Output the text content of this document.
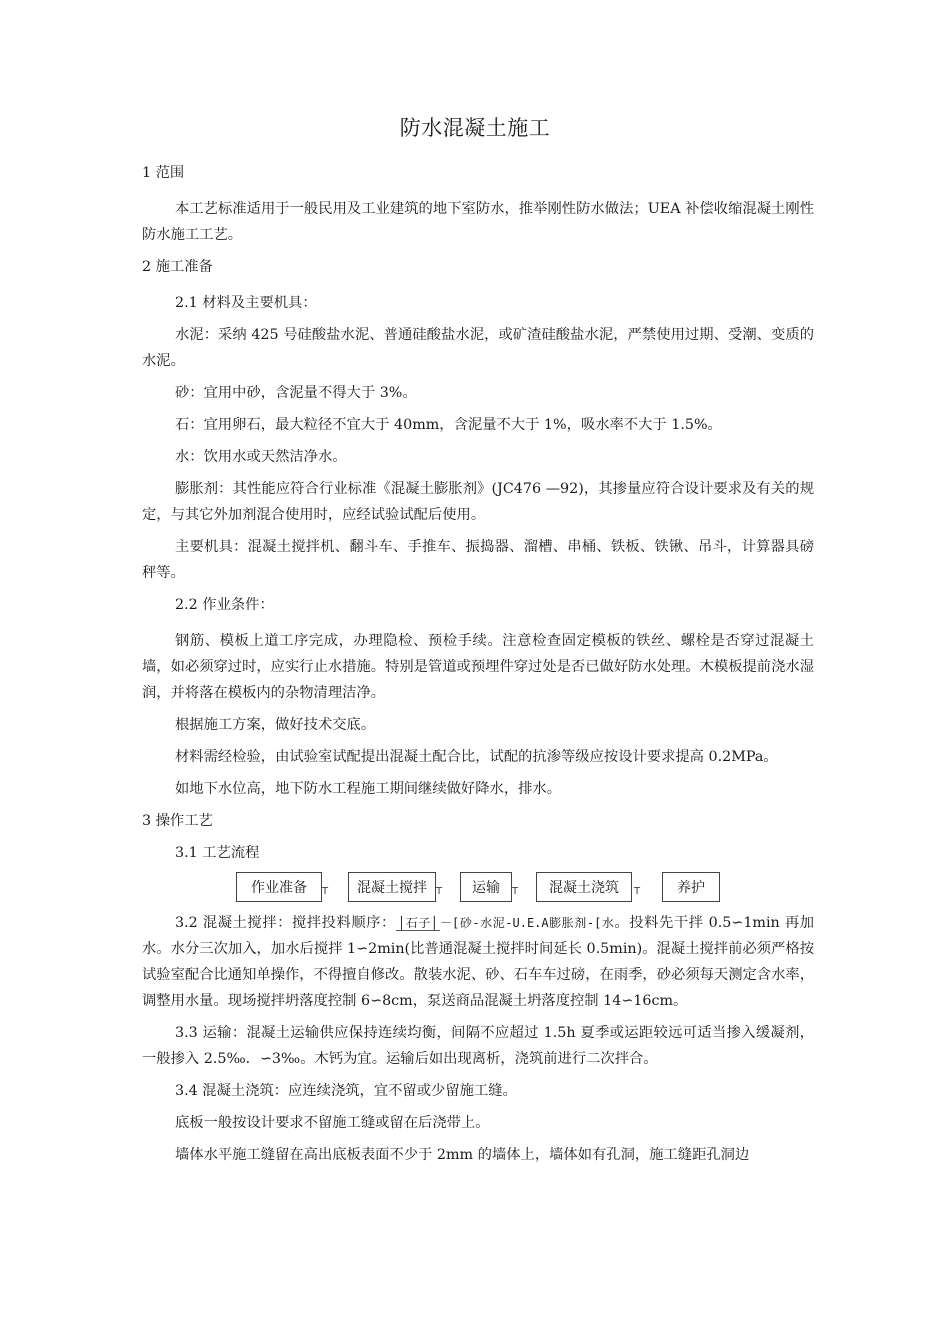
防水混凝土施工

1 范围

本工艺标准适用于一般民用及工业建筑的地下室防水，推举刚性防水做法；UEA 补偿收缩混凝土刚性防水施工工艺。

2 施工准备

2.1 材料及主要机具：

水泥：采纳 425 号硅酸盐水泥、普通硅酸盐水泥，或矿渣硅酸盐水泥，严禁使用过期、受潮、变质的水泥。

砂：宜用中砂，含泥量不得大于 3%。

石：宜用卵石，最大粒径不宜大于 40mm，含泥量不大于 1%，吸水率不大于 1.5%。

水：饮用水或天然洁净水。

膨胀剂：其性能应符合行业标准《混凝土膨胀剂》(JC476 —92)，其掺量应符合设计要求及有关的规定，与其它外加剂混合使用时，应经试验试配后使用。

主要机具：混凝土搅拌机、翻斗车、手推车、振捣器、溜槽、串桶、铁板、铁锹、吊斗，计算器具磅秤等。

2.2 作业条件：

钢筋、模板上道工序完成，办理隐检、预检手续。注意检查固定模板的铁丝、螺栓是否穿过混凝土墙，如必须穿过时，应实行止水措施。特别是管道或预埋件穿过处是否已做好防水处理。木模板提前浇水湿润，并将落在模板内的杂物清理洁净。

根据施工方案，做好技术交底。

材料需经检验，由试验室试配提出混凝土配合比，试配的抗渗等级应按设计要求提高 0.2MPa。

如地下水位高，地下防水工程施工期间继续做好降水，排水。

3 操作工艺

3.1 工艺流程

作业准备	T	混凝土搅拌 T	运输	T	混凝土浇筑	T	养护

3.2 混凝土搅拌：搅拌投料顺序： │石子│ －[砂-水泥-U.E.A膨胀剂-[水。投料先干拌 0.5∽1min 再加水。水分三次加入，加水后搅拌 1∽2min(比普通混凝土搅拌时间延长 0.5min)。混凝土搅拌前必须严格按试验室配合比通知单操作，不得擅自修改。散装水泥、砂、石车车过磅，在雨季，砂必须每天测定含水率，调整用水量。现场搅拌坍落度控制 6∽8cm，泵送商品混凝土坍落度控制 14∽16cm。

3.3 运输：混凝土运输供应保持连续均衡，间隔不应超过 1.5h 夏季或运距较远可适当掺入缓凝剂，一般掺入 2.5‰．∽3‰。木钙为宜。运输后如出现离析，浇筑前进行二次拌合。

3.4 混凝土浇筑：应连续浇筑，宜不留或少留施工缝。

底板一般按设计要求不留施工缝或留在后浇带上。

墙体水平施工缝留在高出底板表面不少于 2mm 的墙体上，墙体如有孔洞，施工缝距孔洞边
